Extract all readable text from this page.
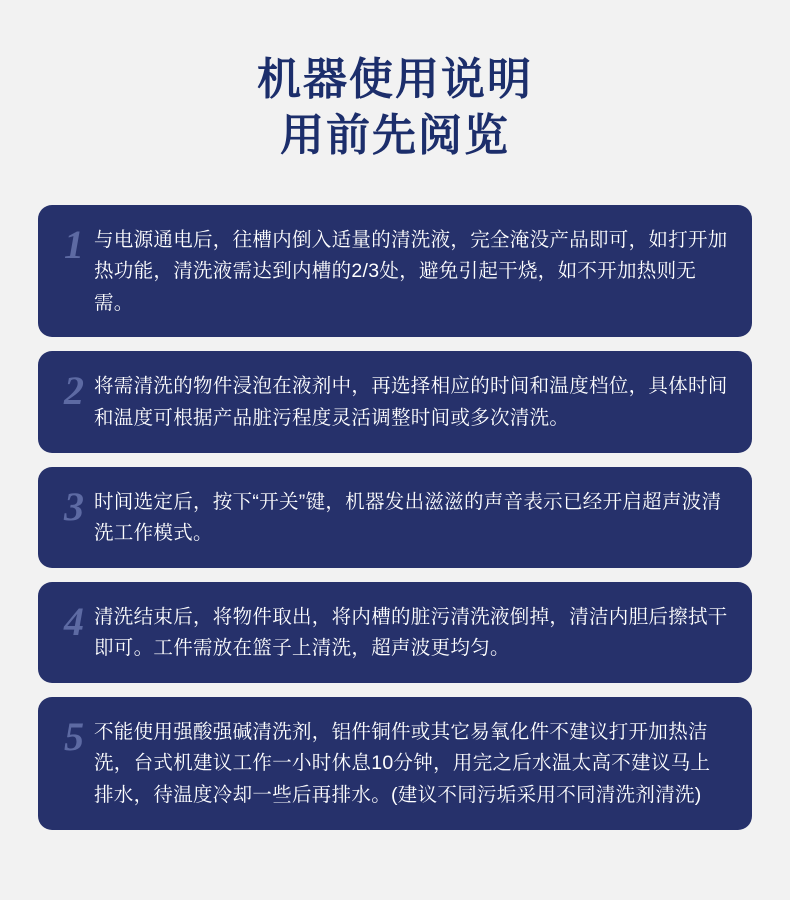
机器使用说明
用前先阅览
1 与电源通电后，往槽内倒入适量的清洗液，完全淹没产品即可，如打开加热功能，清洗液需达到内槽的2/3处，避免引起干烧，如不开加热则无需。
2 将需清洗的物件浸泡在液剂中，再选择相应的时间和温度档位，具体时间和温度可根据产品脏污程度灵活调整时间或多次清洗。
3 时间选定后，按下“开关”键，机器发出滋滋的声音表示已经开启超声波清洗工作模式。
4 清洗结束后，将物件取出，将内槽的脏污清洗液倒掉，清洁内胆后擦拭干即可。工件需放在篮子上清洗，超声波更均匀。
5 不能使用强酸强碱清洗剂，铝件铜件或其它易氧化件不建议打开加热洁洗，台式机建议工作一小时休息10分钟，用完之后水温太高不建议马上排水，待温度冷却一些后再排水。(建议不同污垢采用不同清洗剂清洗)
